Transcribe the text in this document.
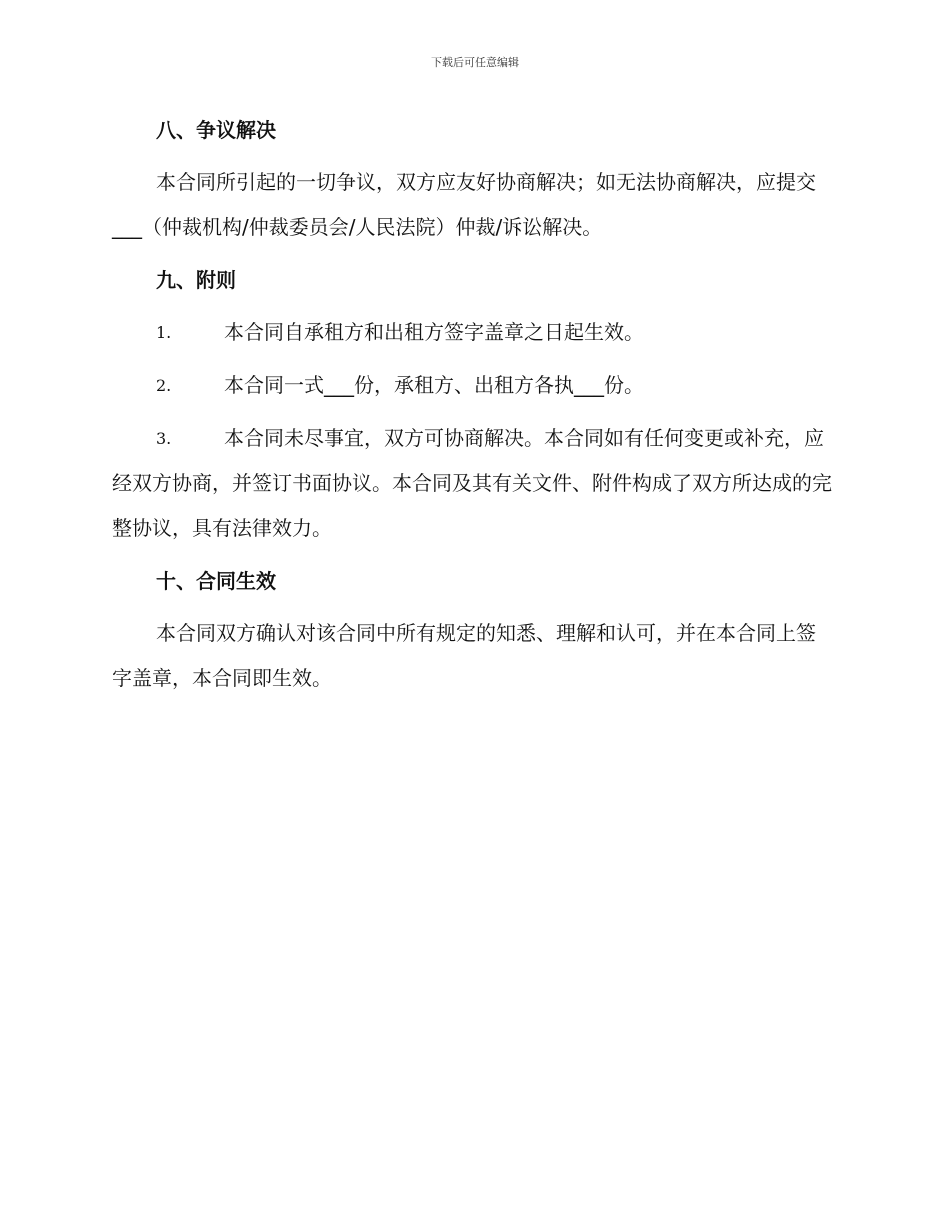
下载后可任意编辑
八、争议解决
本合同所引起的一切争议，双方应友好协商解决；如无法协商解决，应提交___（仲裁机构/仲裁委员会/人民法院）仲裁/诉讼解决。
九、附则
1.	本合同自承租方和出租方签字盖章之日起生效。
2.	本合同一式___份，承租方、出租方各执___份。
3.	本合同未尽事宜，双方可协商解决。本合同如有任何变更或补充，应经双方协商，并签订书面协议。本合同及其有关文件、附件构成了双方所达成的完整协议，具有法律效力。
十、合同生效
本合同双方确认对该合同中所有规定的知悉、理解和认可，并在本合同上签字盖章，本合同即生效。
